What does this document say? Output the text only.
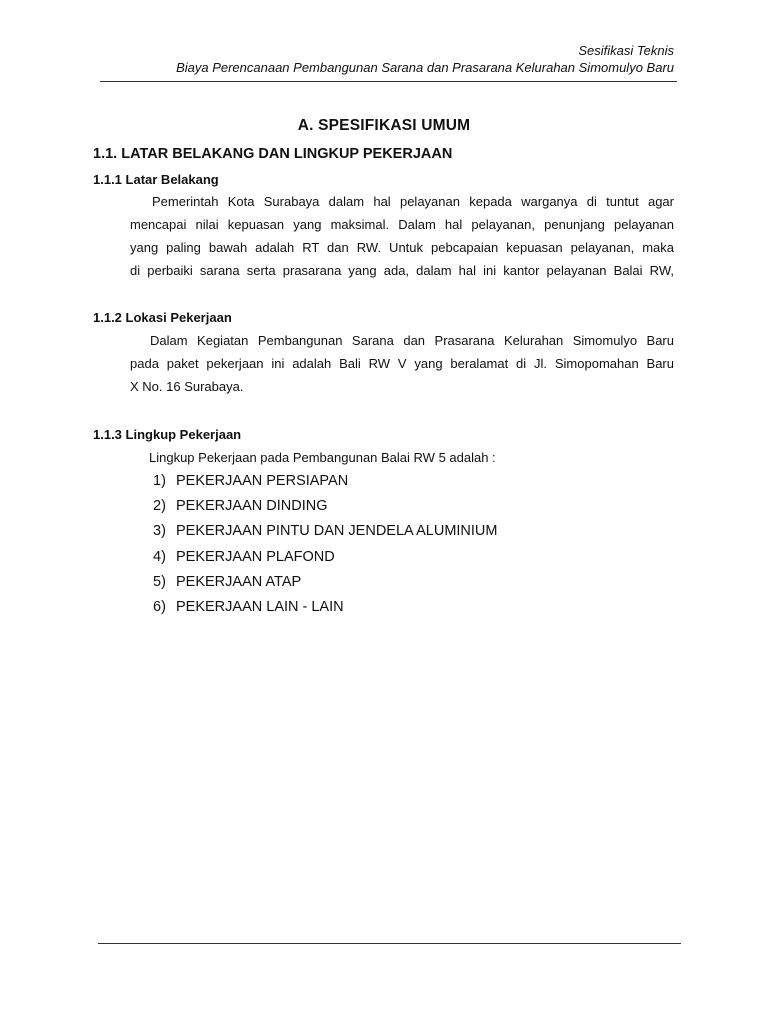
Sesifikasi Teknis
Biaya Perencanaan Pembangunan Sarana dan Prasarana Kelurahan Simomulyo Baru
A. SPESIFIKASI UMUM
1.1. LATAR BELAKANG DAN LINGKUP PEKERJAAN
1.1.1 Latar Belakang
Pemerintah Kota Surabaya dalam hal pelayanan kepada warganya di tuntut agar
mencapai nilai kepuasan yang maksimal. Dalam hal pelayanan, penunjang pelayanan
yang paling bawah adalah RT dan RW. Untuk pebcapaian kepuasan pelayanan, maka
di perbaiki sarana serta prasarana yang ada, dalam hal ini kantor pelayanan Balai RW,
1.1.2 Lokasi Pekerjaan
Dalam Kegiatan Pembangunan Sarana dan Prasarana Kelurahan Simomulyo Baru
pada paket pekerjaan ini adalah Bali RW V yang beralamat di Jl. Simopomahan Baru
X No. 16 Surabaya.
1.1.3 Lingkup Pekerjaan
Lingkup Pekerjaan pada Pembangunan Balai RW 5 adalah :
1) PEKERJAAN PERSIAPAN
2) PEKERJAAN DINDING
3) PEKERJAAN PINTU DAN JENDELA ALUMINIUM
4) PEKERJAAN PLAFOND
5) PEKERJAAN ATAP
6) PEKERJAAN LAIN - LAIN
